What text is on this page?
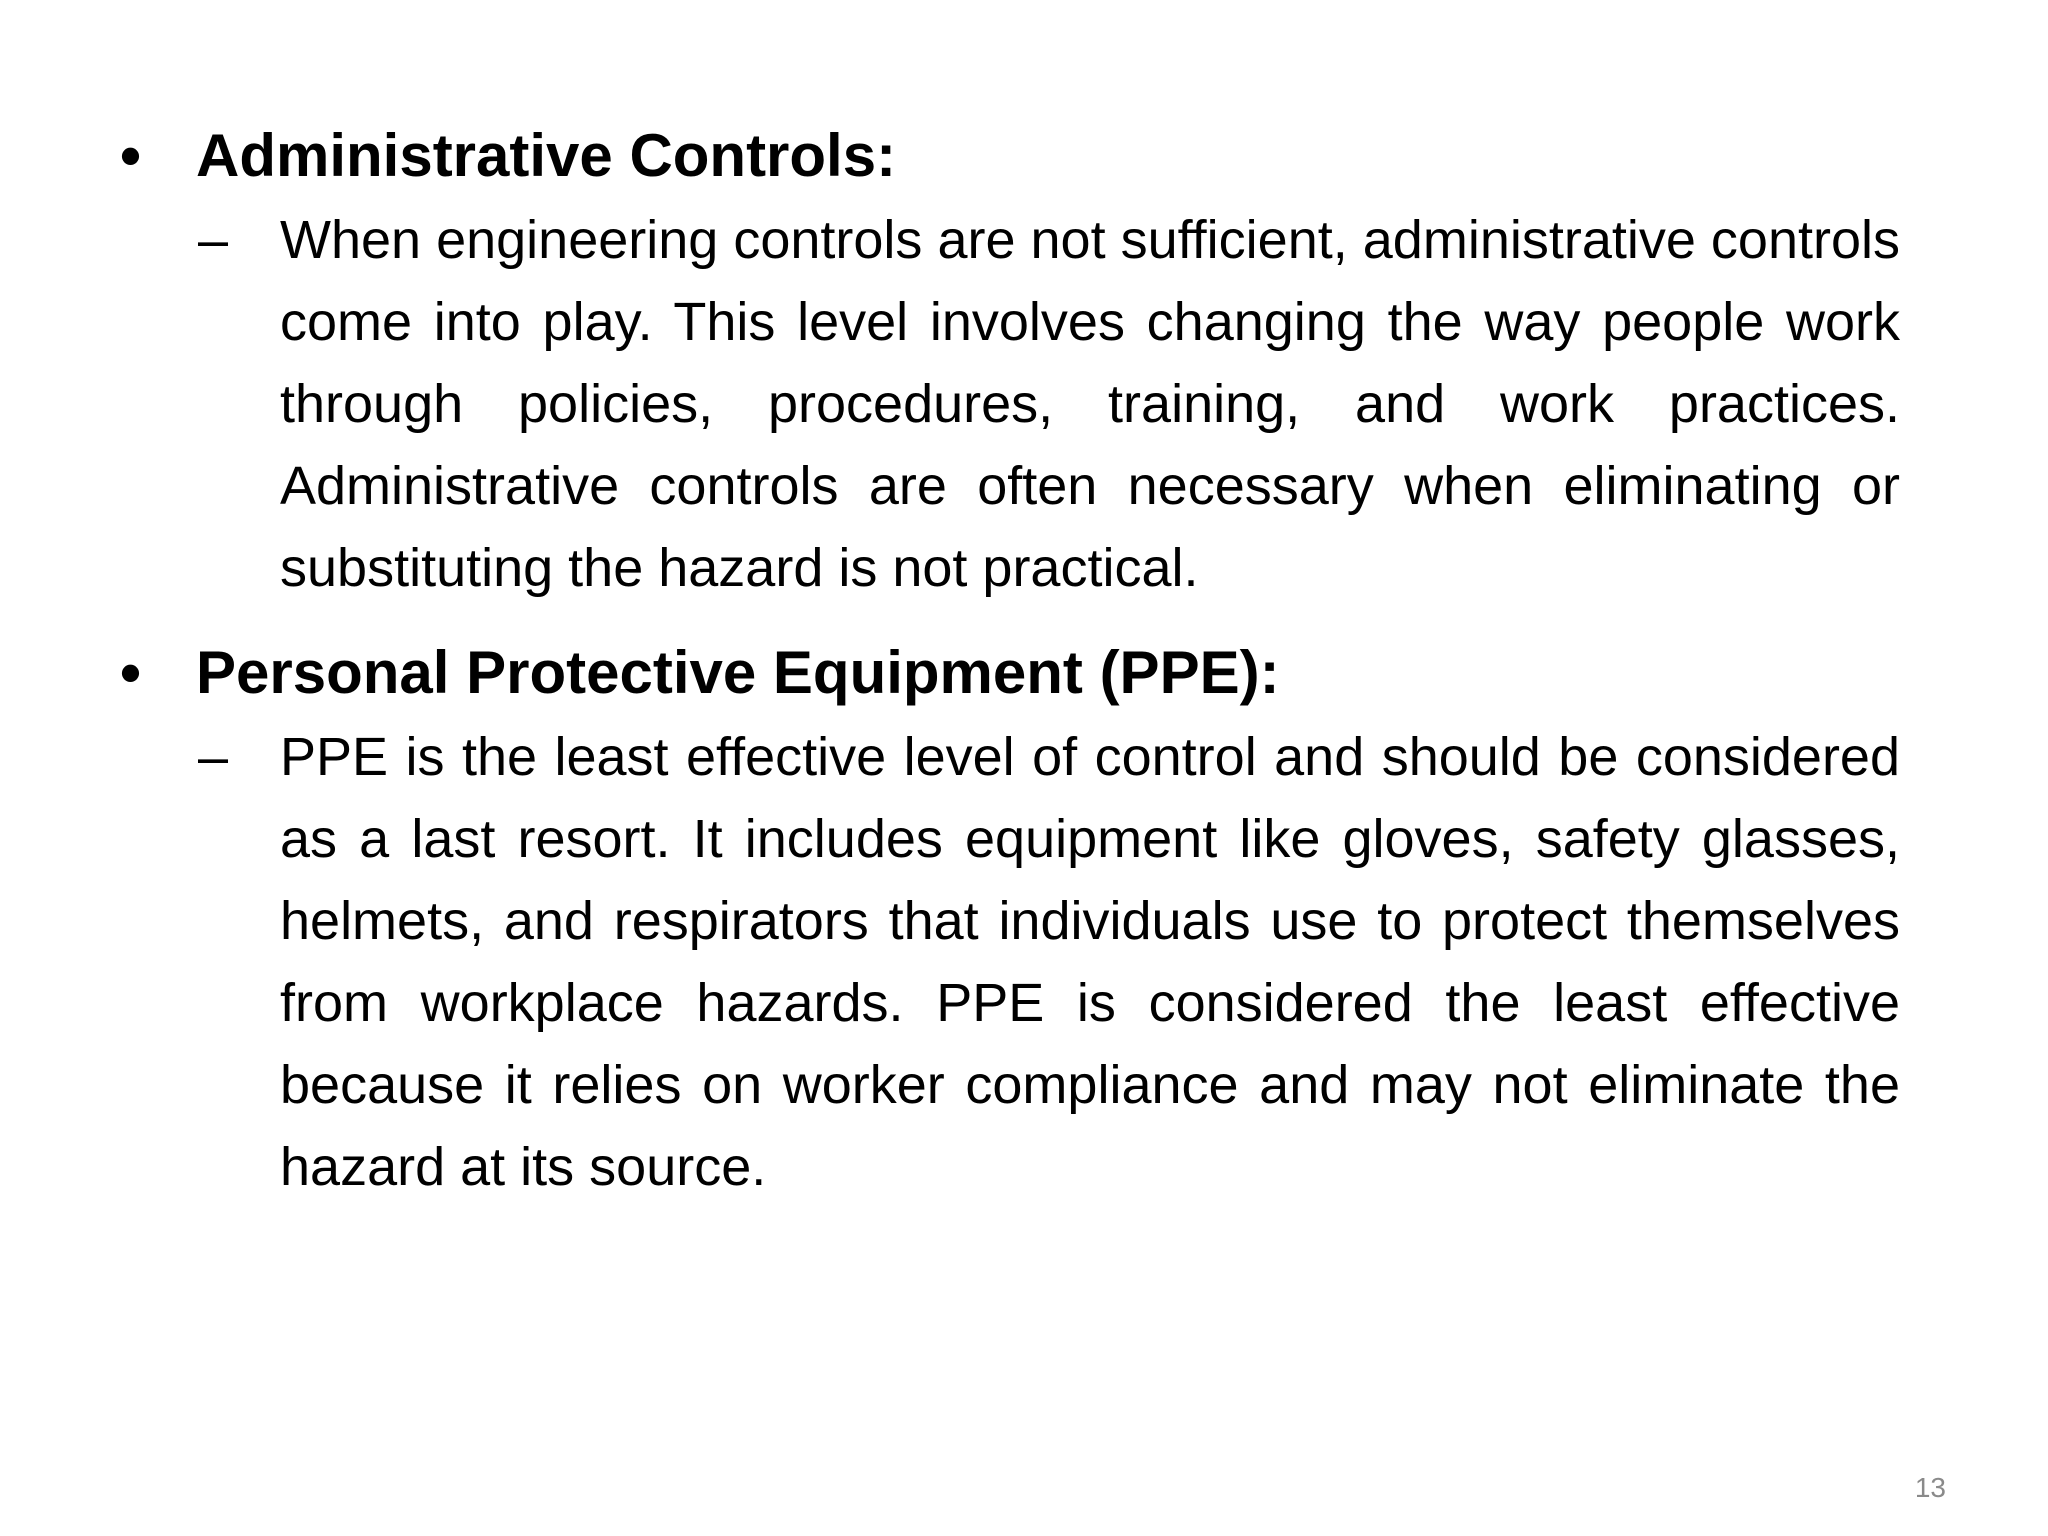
• Administrative Controls:
– When engineering controls are not sufficient, administrative controls come into play. This level involves changing the way people work through policies, procedures, training, and work practices. Administrative controls are often necessary when eliminating or substituting the hazard is not practical.
• Personal Protective Equipment (PPE):
– PPE is the least effective level of control and should be considered as a last resort. It includes equipment like gloves, safety glasses, helmets, and respirators that individuals use to protect themselves from workplace hazards. PPE is considered the least effective because it relies on worker compliance and may not eliminate the hazard at its source.
13
